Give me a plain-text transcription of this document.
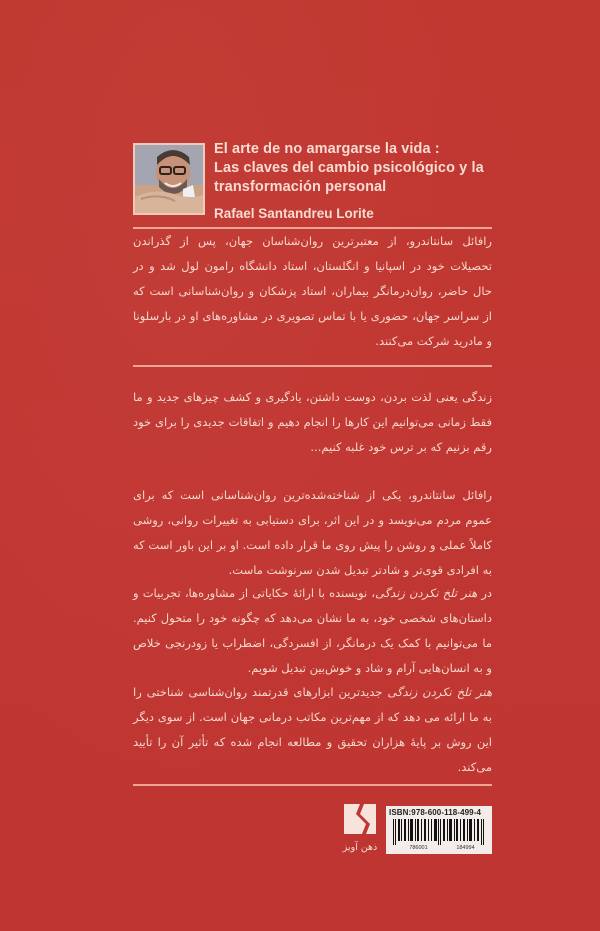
El arte de no amargarse la vida :
Las claves del cambio psicológico y la
transformación personal
Rafael Santandreu Lorite

رافائل سانتاندرو، از معتبرترین روان‌شناسان جهان، پس از گذراندن تحصیلات خود در اسپانیا و انگلستان، استاد دانشگاه رامون لول شد و در حال حاضر، روان‌درمانگر بیماران، استاد پزشکان و روان‌شناسانی است که از سراسر جهان، حضوری یا با تماس تصویری در مشاوره‌های او در بارسلونا و مادرید شرکت می‌کنند.

زندگی یعنی لذت بردن، دوست داشتن، یادگیری و کشف چیزهای جدید و ما فقط زمانی می‌توانیم این کارها را انجام دهیم و اتفاقات جدیدی را برای خود رقم بزنیم که بر ترس خود غلبه کنیم...

رافائل سانتاندرو، یکی از شناخته‌شده‌ترین روان‌شناسانی است که برای عموم مردم می‌نویسد و در این اثر، برای دستیابی به تغییرات روانی، روشی کاملاً عملی و روشن را پیش روی ما قرار داده است. او بر این باور است که به افرادی قوی‌تر و شادتر تبدیل شدن سرنوشت ماست.

در هنر تلخ نکردن زندگی، نویسنده با ارائهٔ حکایاتی از مشاوره‌ها، تجربیات و داستان‌های شخصی خود، به ما نشان می‌دهد که چگونه خود را متحول کنیم. ما می‌توانیم با کمک یک درمانگر، از افسردگی، اضطراب یا زودرنجی خلاص و به انسان‌هایی آرام و شاد و خوش‌بین تبدیل شویم.

هنر تلخ نکردن زندگی جدیدترین ابزارهای قدرتمند روان‌شناسی شناختی را به ما ارائه می دهد که از مهم‌ترین مکاتب درمانی جهان است. از سوی دیگر این روش بر پایهٔ هزاران تحقیق و مطالعه انجام شده که تأثیر آن را تأیید می‌کند.

ذهن آویز
ISBN:978-600-118-499-4
786001	184994
